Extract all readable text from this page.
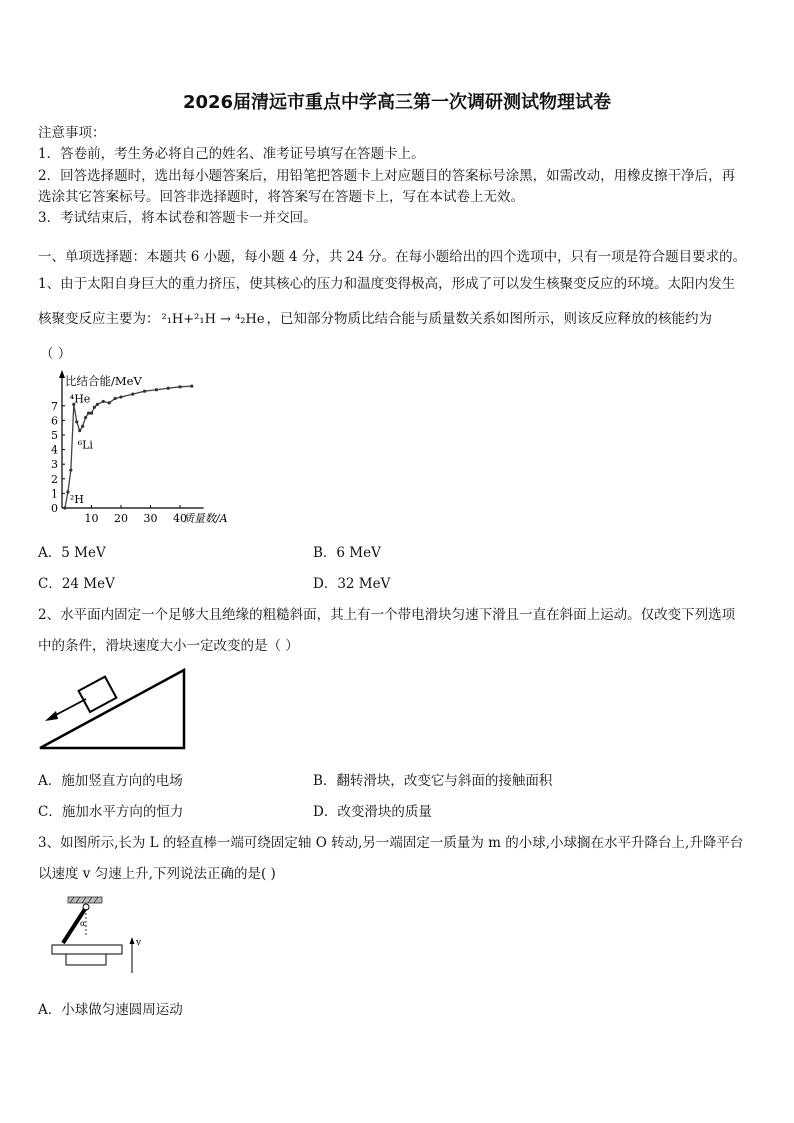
2026届清远市重点中学高三第一次调研测试物理试卷
注意事项：
1．答卷前，考生务必将自己的姓名、准考证号填写在答题卡上。
2．回答选择题时，选出每小题答案后，用铅笔把答题卡上对应题目的答案标号涂黑，如需改动，用橡皮擦干净后，再
选涂其它答案标号。回答非选择题时，将答案写在答题卡上，写在本试卷上无效。
3．考试结束后，将本试卷和答题卡一并交回。
一、单项选择题：本题共 6 小题，每小题 4 分，共 24 分。在每小题给出的四个选项中，只有一项是符合题目要求的。
1、由于太阳自身巨大的重力挤压，使其核心的压力和温度变得极高，形成了可以发生核聚变反应的环境。太阳内发生
核聚变反应主要为： ²₁H+²₁H → ⁴₂He ，已知部分物质比结合能与质量数关系如图所示，则该反应释放的核能约为
（ ）
0
1
2
3
4
5
6
7
10 20 30 40
比结合能/MeV
质量数/A
⁴He
⁶Li
²H
A．5 MeV	B．6 MeV
C．24 MeV	D．32 MeV
2、水平面内固定一个足够大且绝缘的粗糙斜面，其上有一个带电滑块匀速下滑且一直在斜面上运动。仅改变下列选项
中的条件，滑块速度大小一定改变的是（ ）
A．施加竖直方向的电场	B．翻转滑块，改变它与斜面的接触面积
C．施加水平方向的恒力	D．改变滑块的质量
3、如图所示,长为 L 的轻直棒一端可绕固定轴 O 转动,另一端固定一质量为 m 的小球,小球搁在水平升降台上,升降平台
以速度 v 匀速上升,下列说法正确的是( )
α
v
A．小球做匀速圆周运动
